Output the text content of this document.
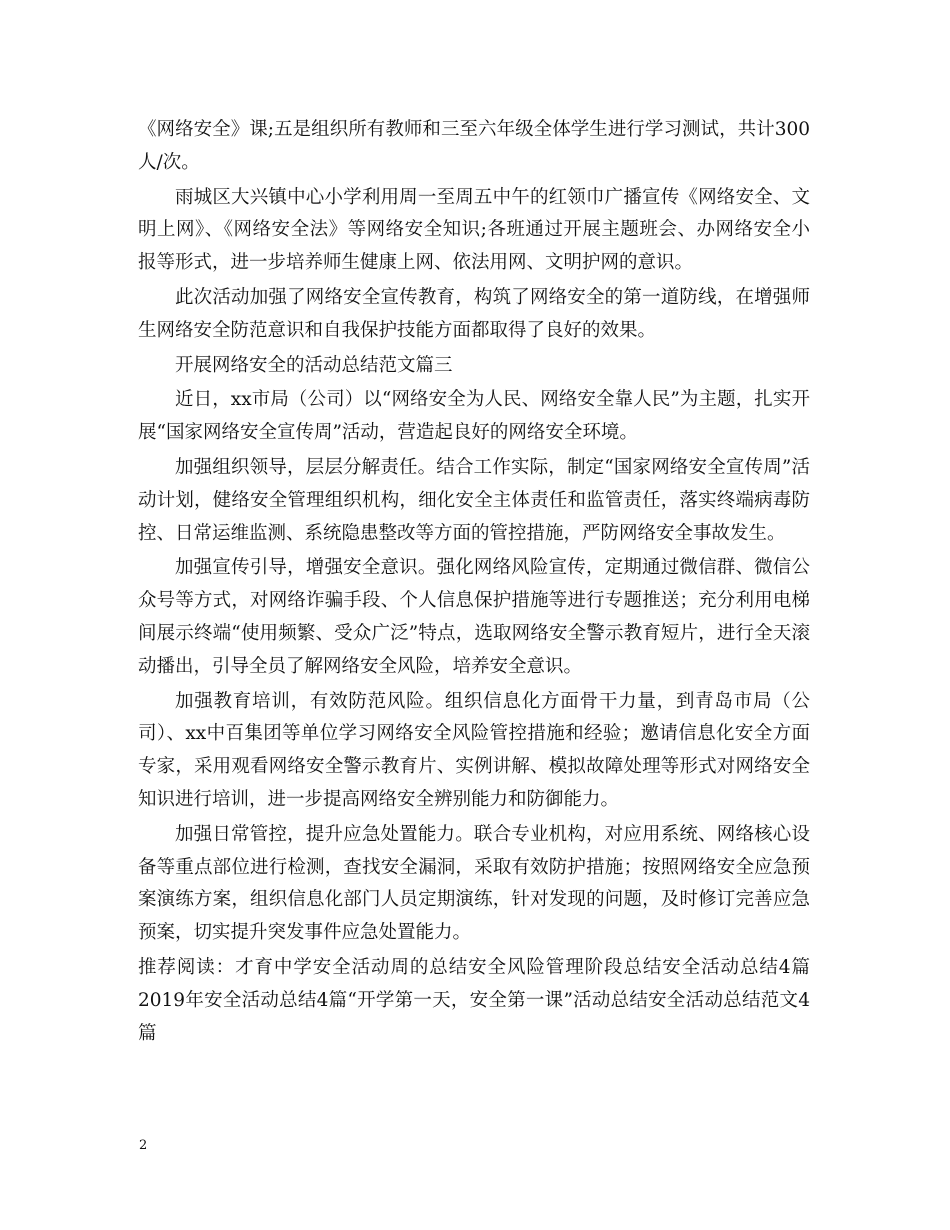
《网络安全》课;五是组织所有教师和三至六年级全体学生进行学习测试，共计300人/次。

雨城区大兴镇中心小学利用周一至周五中午的红领巾广播宣传《网络安全、文明上网》、《网络安全法》等网络安全知识;各班通过开展主题班会、办网络安全小报等形式，进一步培养师生健康上网、依法用网、文明护网的意识。

此次活动加强了网络安全宣传教育，构筑了网络安全的第一道防线，在增强师生网络安全防范意识和自我保护技能方面都取得了良好的效果。

开展网络安全的活动总结范文篇三

近日，xx市局（公司）以“网络安全为人民、网络安全靠人民”为主题，扎实开展“国家网络安全宣传周”活动，营造起良好的网络安全环境。

加强组织领导，层层分解责任。结合工作实际，制定“国家网络安全宣传周”活动计划，健络安全管理组织机构，细化安全主体责任和监管责任，落实终端病毒防控、日常运维监测、系统隐患整改等方面的管控措施，严防网络安全事故发生。

加强宣传引导，增强安全意识。强化网络风险宣传，定期通过微信群、微信公众号等方式，对网络诈骗手段、个人信息保护措施等进行专题推送；充分利用电梯间展示终端“使用频繁、受众广泛”特点，选取网络安全警示教育短片，进行全天滚动播出，引导全员了解网络安全风险，培养安全意识。

加强教育培训，有效防范风险。组织信息化方面骨干力量，到青岛市局（公司）、xx中百集团等单位学习网络安全风险管控措施和经验；邀请信息化安全方面专家，采用观看网络安全警示教育片、实例讲解、模拟故障处理等形式对网络安全知识进行培训，进一步提高网络安全辨别能力和防御能力。

加强日常管控，提升应急处置能力。联合专业机构，对应用系统、网络核心设备等重点部位进行检测，查找安全漏洞，采取有效防护措施；按照网络安全应急预案演练方案，组织信息化部门人员定期演练，针对发现的问题，及时修订完善应急预案，切实提升突发事件应急处置能力。

推荐阅读：才育中学安全活动周的总结安全风险管理阶段总结安全活动总结4篇2019年安全活动总结4篇“开学第一天，安全第一课”活动总结安全活动总结范文4篇

2
